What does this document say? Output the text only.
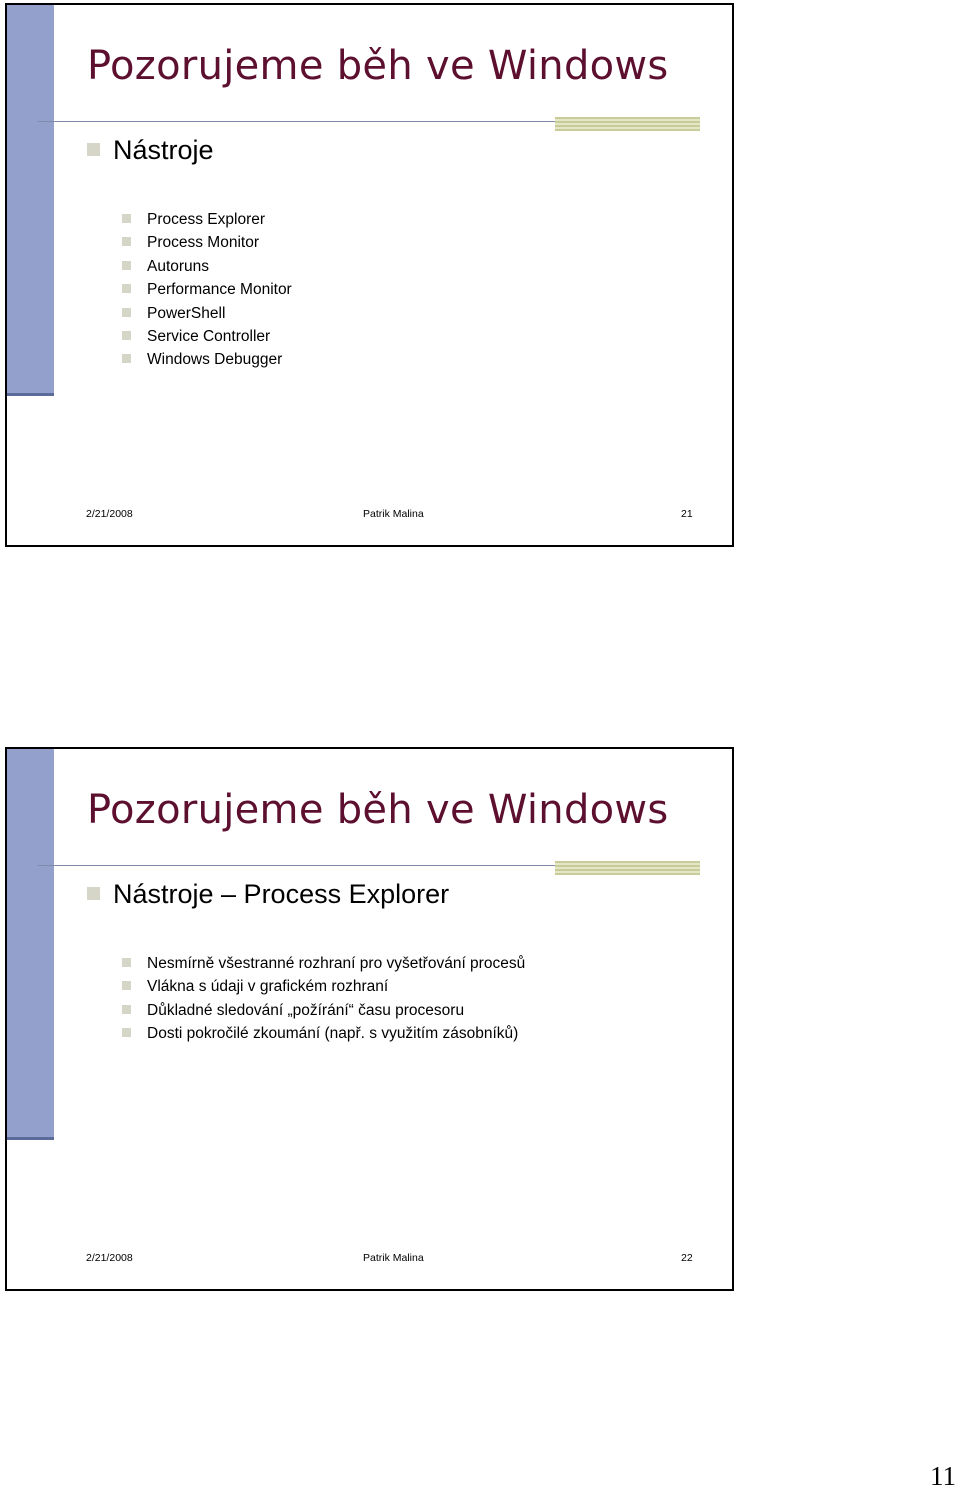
Pozorujeme běh ve Windows
Nástroje
Process Explorer
Process Monitor
Autoruns
Performance Monitor
PowerShell
Service Controller
Windows Debugger
2/21/2008	Patrik Malina	21
Pozorujeme běh ve Windows
Nástroje – Process Explorer
Nesmírně všestranné rozhraní pro vyšetřování procesů
Vlákna s údaji v grafickém rozhraní
Důkladné sledování „požírání“ času procesoru
Dosti pokročilé zkoumání (např. s využitím zásobníků)
2/21/2008	Patrik Malina	22
11
